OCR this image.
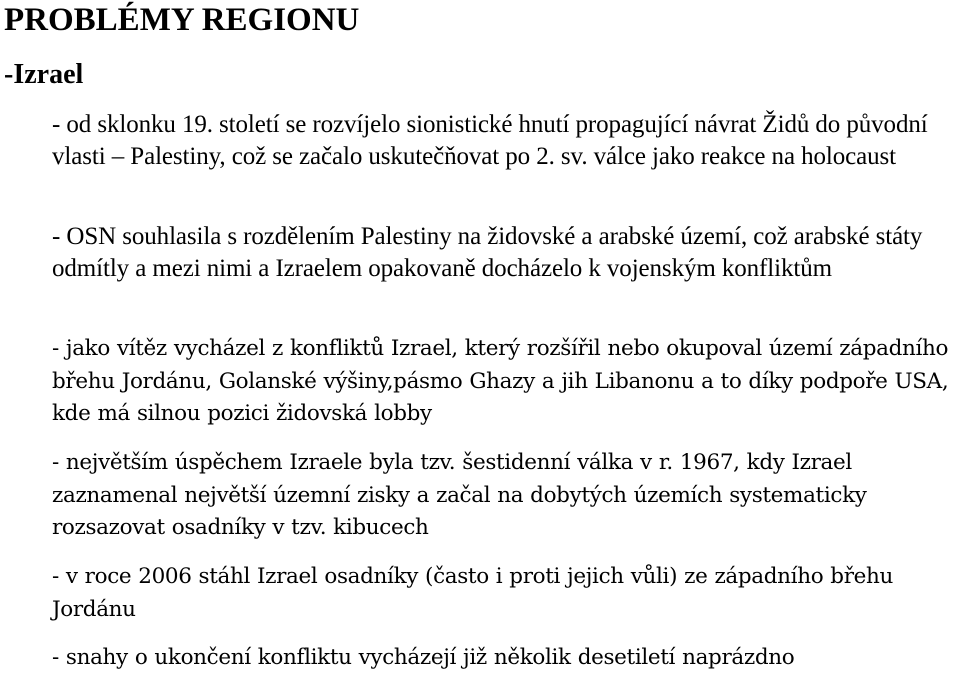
PROBLÉMY REGIONU
-Izrael

- od sklonku 19. století se rozvíjelo sionistické hnutí propagující návrat Židů do původní vlasti – Palestiny, což se začalo uskutečňovat po 2. sv. válce jako reakce na holocaust

- OSN souhlasila s rozdělením Palestiny na židovské a arabské území, což arabské státy odmítly a mezi nimi a Izraelem opakovaně docházelo k vojenským konfliktům

- jako vítěz vycházel z konfliktů Izrael, který rozšířil nebo okupoval území západního břehu Jordánu, Golanské výšiny,pásmo Ghazy a jih Libanonu a to díky podpoře USA, kde má silnou pozici židovská lobby

- největším úspěchem Izraele byla tzv. šestidenní válka v r. 1967, kdy Izrael zaznamenal největší územní zisky a začal na dobytých územích systematicky rozsazovat osadníky v tzv. kibucech

- v roce 2006 stáhl Izrael osadníky (často i proti jejich vůli) ze západního břehu Jordánu

- snahy o ukončení konfliktu vycházejí již několik desetiletí naprázdno
